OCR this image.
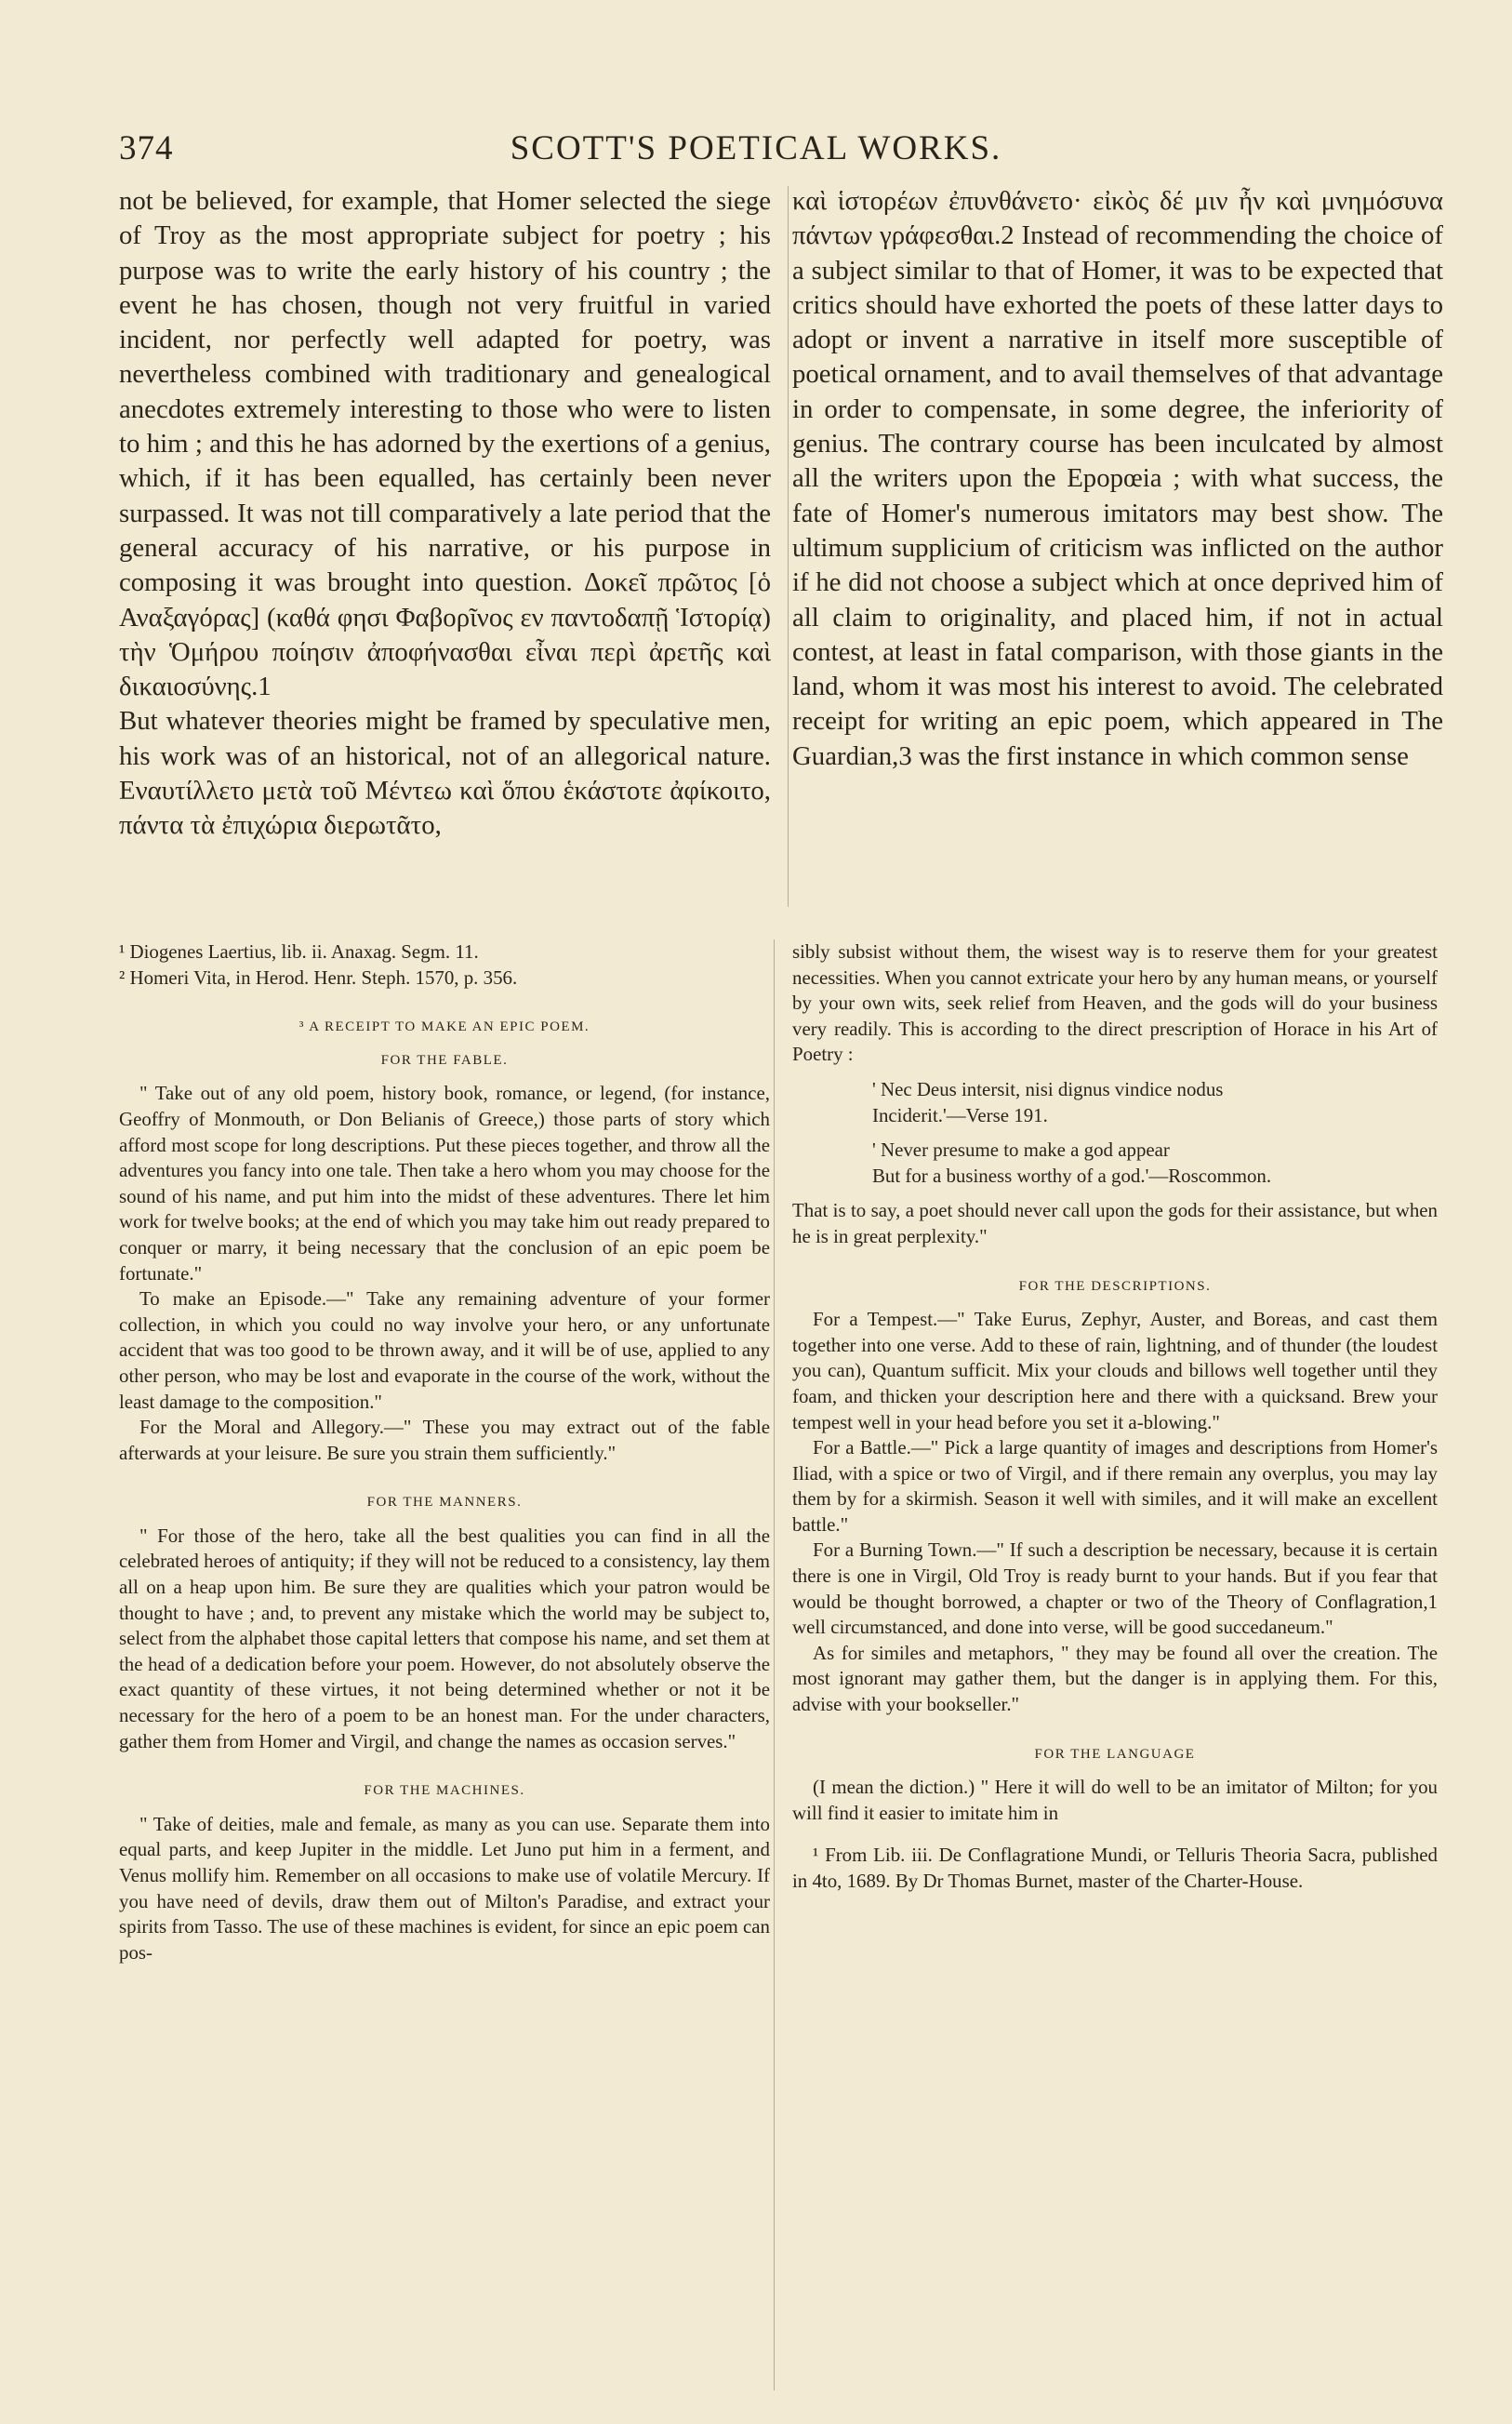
374	SCOTT'S POETICAL WORKS.

not be believed, for example, that Homer selected the siege of Troy as the most appropriate subject for poetry ; his purpose was to write the early history of his country ; the event he has chosen, though not very fruitful in varied incident, nor perfectly well adapted for poetry, was nevertheless combined with traditionary and genealogical anecdotes extremely interesting to those who were to listen to him ; and this he has adorned by the exertions of a genius, which, if it has been equalled, has certainly been never surpassed. It was not till comparatively a late period that the general accuracy of his narrative, or his purpose in composing it was brought into question. Δοκεῖ πρῶτος [ὁ Αναξαγόρας] (καθά φησι Φαβορῖνος εν παντοδαπῇ Ἱστορίᾳ) τὴν Ὁμήρου ποίησιν ἀποφήνασθαι εἶναι περὶ ἀρετῆς καὶ δικαιοσύνης.1

But whatever theories might be framed by speculative men, his work was of an historical, not of an allegorical nature. Εναυτίλλετο μετὰ τοῦ Μέντεω καὶ ὅπου ἑκάστοτε ἀφίκοιτο, πάντα τὰ ἐπιχώρια διερωτᾶτο,

καὶ ἱστορέων ἐπυνθάνετο· εἰκὸς δέ μιν ἦν καὶ μνημόσυνα πάντων γράφεσθαι.2 Instead of recommending the choice of a subject similar to that of Homer, it was to be expected that critics should have exhorted the poets of these latter days to adopt or invent a narrative in itself more susceptible of poetical ornament, and to avail themselves of that advantage in order to compensate, in some degree, the inferiority of genius. The contrary course has been inculcated by almost all the writers upon the Epopœia ; with what success, the fate of Homer's numerous imitators may best show. The ultimum supplicium of criticism was inflicted on the author if he did not choose a subject which at once deprived him of all claim to originality, and placed him, if not in actual contest, at least in fatal comparison, with those giants in the land, whom it was most his interest to avoid. The celebrated receipt for writing an epic poem, which appeared in The Guardian,3 was the first instance in which common sense

¹ Diogenes Laertius, lib. ii. Anaxag. Segm. 11.

² Homeri Vita, in Herod. Henr. Steph. 1570, p. 356.

³ A RECEIPT TO MAKE AN EPIC POEM.

FOR THE FABLE.

" Take out of any old poem, history book, romance, or legend, (for instance, Geoffry of Monmouth, or Don Belianis of Greece,) those parts of story which afford most scope for long descriptions. Put these pieces together, and throw all the adventures you fancy into one tale. Then take a hero whom you may choose for the sound of his name, and put him into the midst of these adventures. There let him work for twelve books; at the end of which you may take him out ready prepared to conquer or marry, it being necessary that the conclusion of an epic poem be fortunate."

To make an Episode.—" Take any remaining adventure of your former collection, in which you could no way involve your hero, or any unfortunate accident that was too good to be thrown away, and it will be of use, applied to any other person, who may be lost and evaporate in the course of the work, without the least damage to the composition."

For the Moral and Allegory.—" These you may extract out of the fable afterwards at your leisure. Be sure you strain them sufficiently."

FOR THE MANNERS.

" For those of the hero, take all the best qualities you can find in all the celebrated heroes of antiquity; if they will not be reduced to a consistency, lay them all on a heap upon him. Be sure they are qualities which your patron would be thought to have ; and, to prevent any mistake which the world may be subject to, select from the alphabet those capital letters that compose his name, and set them at the head of a dedication before your poem. However, do not absolutely observe the exact quantity of these virtues, it not being determined whether or not it be necessary for the hero of a poem to be an honest man. For the under characters, gather them from Homer and Virgil, and change the names as occasion serves."

FOR THE MACHINES.

" Take of deities, male and female, as many as you can use. Separate them into equal parts, and keep Jupiter in the middle. Let Juno put him in a ferment, and Venus mollify him. Remember on all occasions to make use of volatile Mercury. If you have need of devils, draw them out of Milton's Paradise, and extract your spirits from Tasso. The use of these machines is evident, for since an epic poem can pos-

sibly subsist without them, the wisest way is to reserve them for your greatest necessities. When you cannot extricate your hero by any human means, or yourself by your own wits, seek relief from Heaven, and the gods will do your business very readily. This is according to the direct prescription of Horace in his Art of Poetry :

' Nec Deus intersit, nisi dignus vindice nodus
Inciderit.'—Verse 191.

' Never presume to make a god appear
But for a business worthy of a god.'—Roscommon.

That is to say, a poet should never call upon the gods for their assistance, but when he is in great perplexity."

FOR THE DESCRIPTIONS.

For a Tempest.—" Take Eurus, Zephyr, Auster, and Boreas, and cast them together into one verse. Add to these of rain, lightning, and of thunder (the loudest you can), Quantum sufficit. Mix your clouds and billows well together until they foam, and thicken your description here and there with a quicksand. Brew your tempest well in your head before you set it a-blowing."

For a Battle.—" Pick a large quantity of images and descriptions from Homer's Iliad, with a spice or two of Virgil, and if there remain any overplus, you may lay them by for a skirmish. Season it well with similes, and it will make an excellent battle."

For a Burning Town.—" If such a description be necessary, because it is certain there is one in Virgil, Old Troy is ready burnt to your hands. But if you fear that would be thought borrowed, a chapter or two of the Theory of Conflagration,1 well circumstanced, and done into verse, will be good succedaneum."

As for similes and metaphors, " they may be found all over the creation. The most ignorant may gather them, but the danger is in applying them. For this, advise with your bookseller."

FOR THE LANGUAGE

(I mean the diction.) " Here it will do well to be an imitator of Milton; for you will find it easier to imitate him in

¹ From Lib. iii. De Conflagratione Mundi, or Telluris Theoria Sacra, published in 4to, 1689. By Dr Thomas Burnet, master of the Charter-House.
